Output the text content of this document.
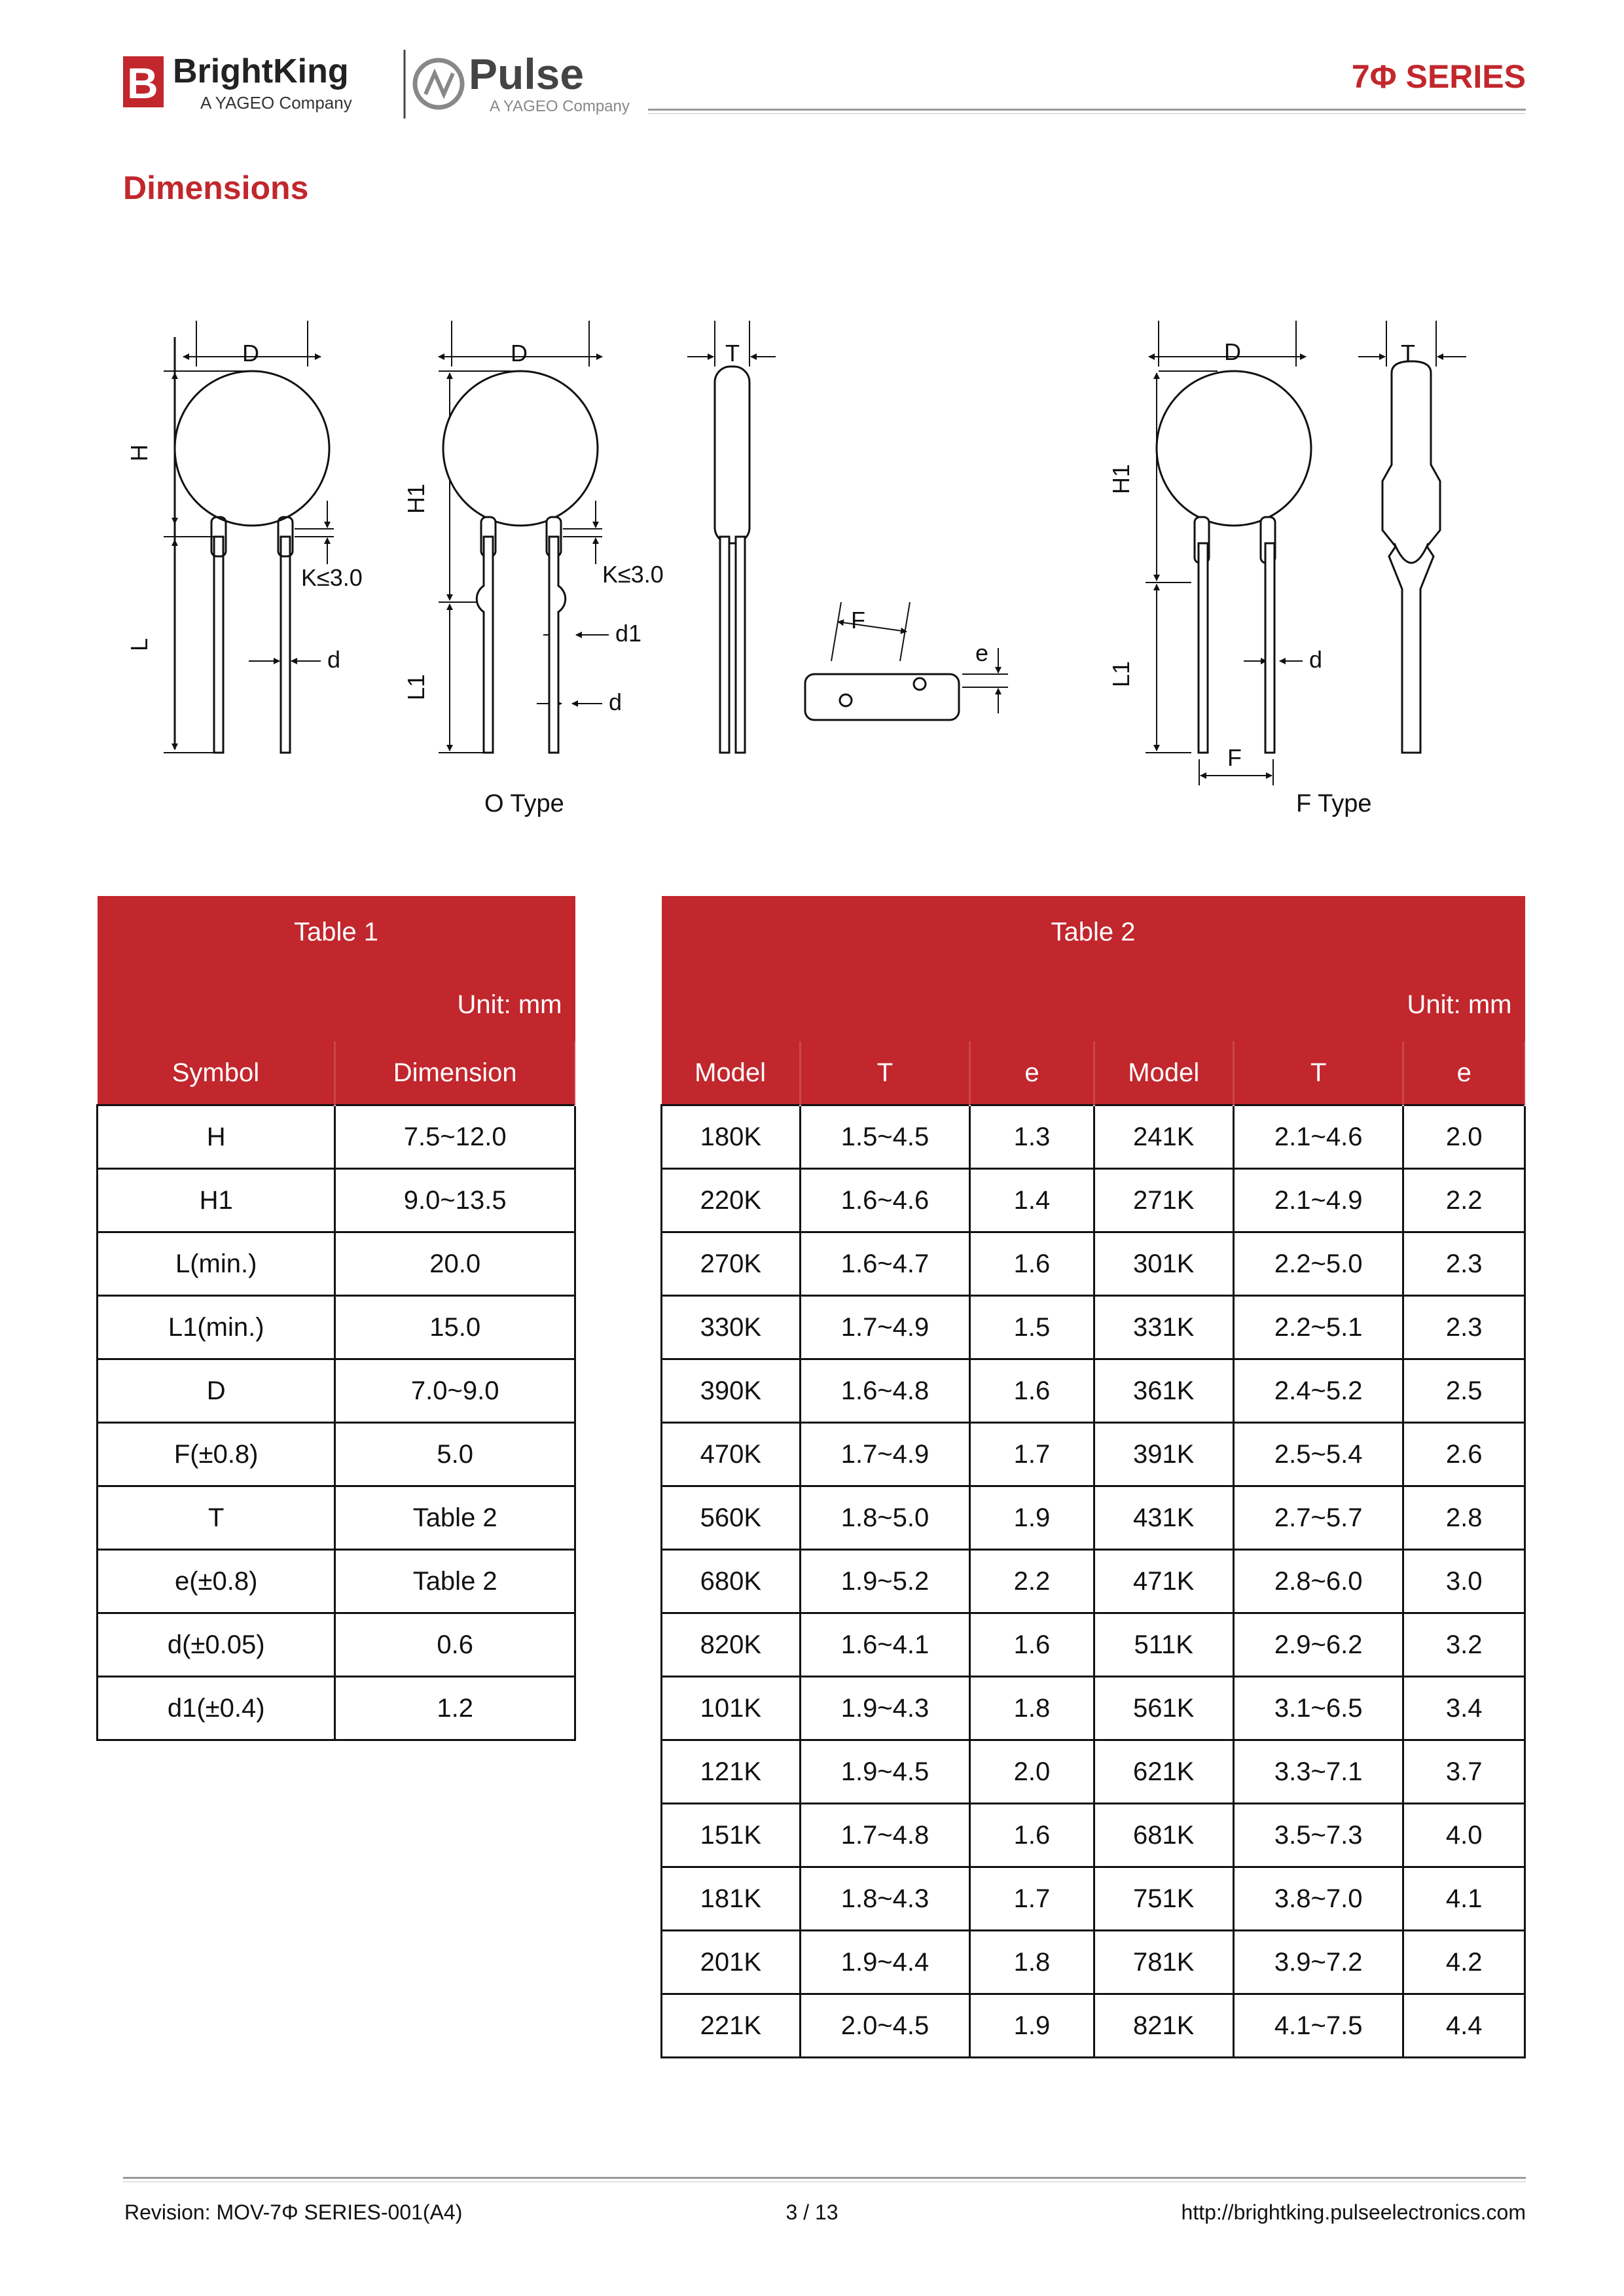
B BrightKing
A YAGEO Company
Pulse
A YAGEO Company
7Φ SERIES
Dimensions
D
H
L
K≤3.0
d
D
H1
L1
K≤3.0
d1
d
T
F
e
D
H1
L1
d
F
T
O Type	F Type
Table 1	
Unit: mm	
Symbol	Dimension
H	7.5~12.0
H1	9.0~13.5
L(min.)	20.0
L1(min.)	15.0
D	7.0~9.0
F(±0.8)	5.0
T	Table 2
e(±0.8)	Table 2
d(±0.05)	0.6
d1(±0.4)	1.2
Table 2					
Unit: mm					
Model	T	e	Model	T	e
180K	1.5~4.5	1.3	241K	2.1~4.6	2.0
220K	1.6~4.6	1.4	271K	2.1~4.9	2.2
270K	1.6~4.7	1.6	301K	2.2~5.0	2.3
330K	1.7~4.9	1.5	331K	2.2~5.1	2.3
390K	1.6~4.8	1.6	361K	2.4~5.2	2.5
470K	1.7~4.9	1.7	391K	2.5~5.4	2.6
560K	1.8~5.0	1.9	431K	2.7~5.7	2.8
680K	1.9~5.2	2.2	471K	2.8~6.0	3.0
820K	1.6~4.1	1.6	511K	2.9~6.2	3.2
101K	1.9~4.3	1.8	561K	3.1~6.5	3.4
121K	1.9~4.5	2.0	621K	3.3~7.1	3.7
151K	1.7~4.8	1.6	681K	3.5~7.3	4.0
181K	1.8~4.3	1.7	751K	3.8~7.0	4.1
201K	1.9~4.4	1.8	781K	3.9~7.2	4.2
221K	2.0~4.5	1.9	821K	4.1~7.5	4.4
Revision: MOV-7Φ SERIES-001(A4)	3 / 13	http://brightking.pulseelectronics.com
